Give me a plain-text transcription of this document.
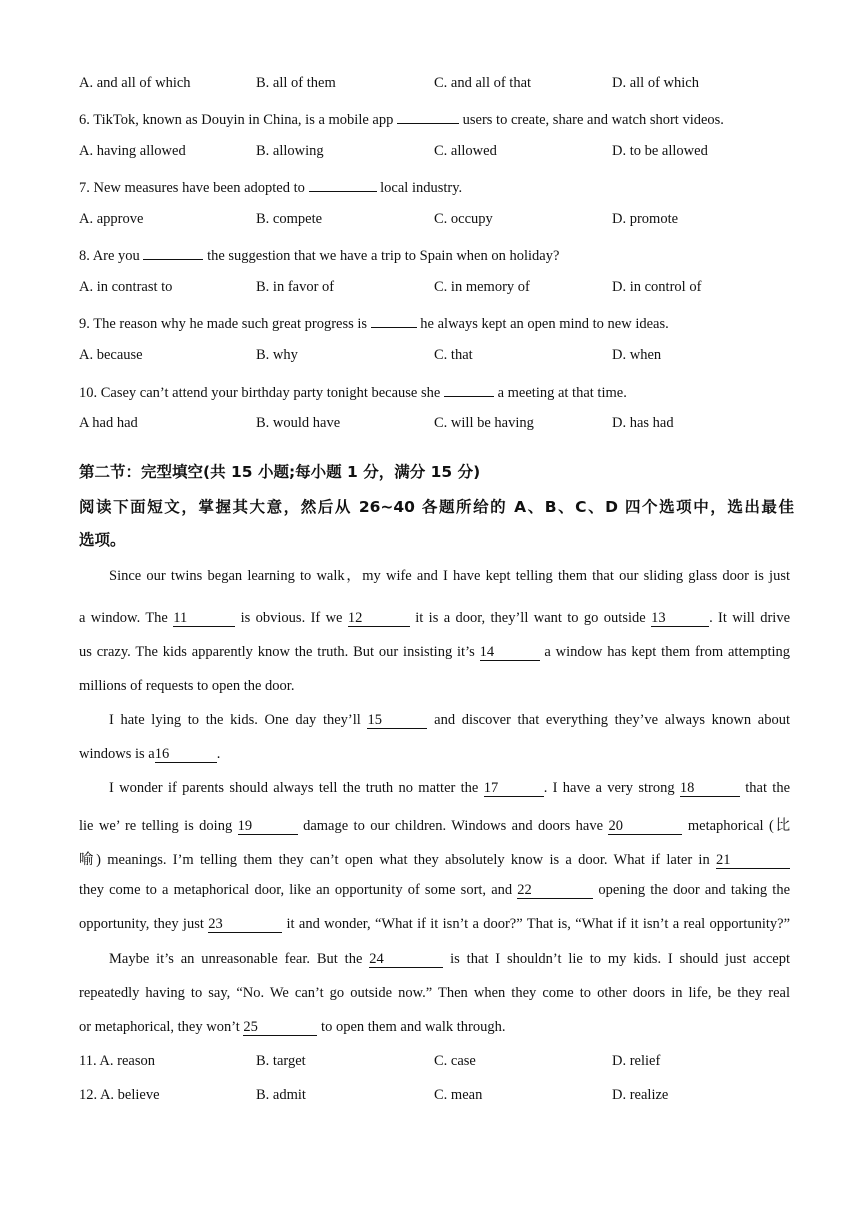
A. and all of which	B. all of them	C. and all of that	D. all of which
6. TikTok, known as Douyin in China, is a mobile app	users to create, share and watch short videos.
A. having allowed	B. allowing	C. allowed	D. to be allowed
7. New measures have been adopted to	local industry.
A. approve	B. compete	C. occupy	D. promote
8. Are you	the suggestion that we have a trip to Spain when on holiday?
A. in contrast to	B. in favor of	C. in memory of	D. in control of
9. The reason why he made such great progress is	he always kept an open mind to new ideas.
A. because	B. why	C. that	D. when
10. Casey can’t attend your birthday party tonight because she	a meeting at that time.
A had had	B. would have	C. will be having	D. has had
第二节：完型填空(共 15 小题;每小题 1 分，满分 15 分)
阅读下面短文，掌握其大意，然后从 26~40 各题所给的 A、B、C、D 四个选项中，选出最佳
选项。
Since our twins began learning to walk，my wife and I have kept telling them that our sliding glass door is just
a window. The 11	is obvious. If we 12	it is a door, they’ll want to go outside 13	. It will drive
us crazy. The kids apparently know the truth. But our insisting it’s 14	a window has kept them from attempting
millions of requests to open the door.
I hate lying to the kids. One day they’ll 15	and discover that everything they’ve always known about
windows is a16	.
I wonder if parents should always tell the truth no matter the 17	. I have a very strong 18	that the
lie we’ re telling is doing 19	damage to our children. Windows and doors have 20	metaphorical (比
喻) meanings. I’m telling them they can’t open what they absolutely know is a door. What if later in 21
they come to a metaphorical door, like an opportunity of some sort, and 22	opening the door and taking the
opportunity, they just 23	it and wonder, “What if it isn’t a door?” That is, “What if it isn’t a real opportunity?”
Maybe it’s an unreasonable fear. But the 24	is that I shouldn’t lie to my kids. I should just accept
repeatedly having to say, “No. We can’t go outside now.” Then when they come to other doors in life, be they real
or metaphorical, they won’t 25	to open them and walk through.
11. A. reason	B. target	C. case	D. relief
12. A. believe	B. admit	C. mean	D. realize
